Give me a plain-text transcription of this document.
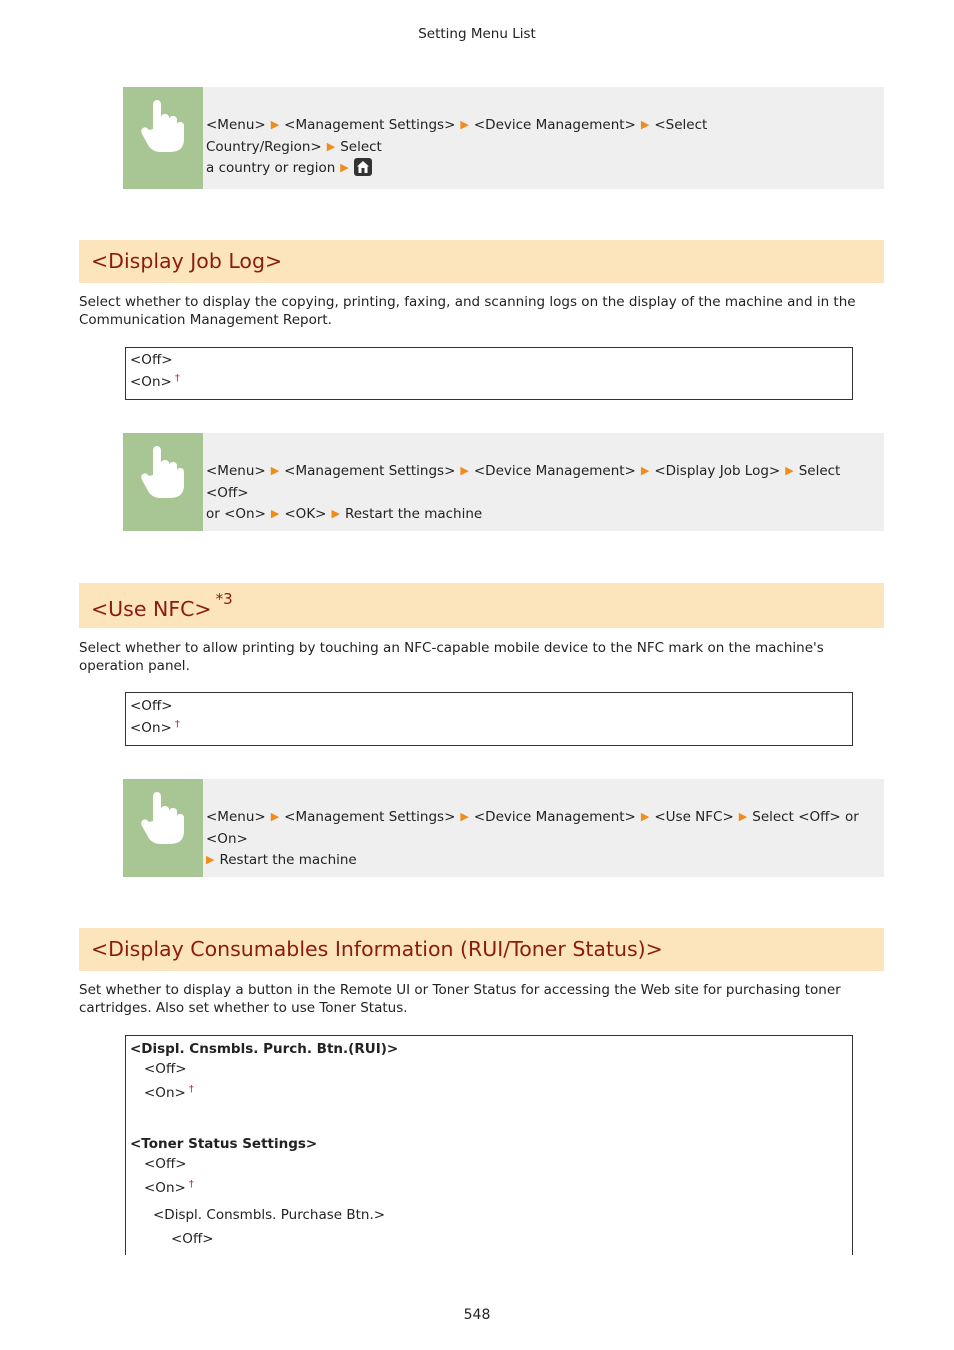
Setting Menu List
<Menu> ▶ <Management Settings> ▶ <Device Management> ▶ <Select Country/Region> ▶ Select
a country or region ▶
<Display Job Log>
Select whether to display the copying, printing, faxing, and scanning logs on the display of the machine and in the Communication Management Report.
<Off>
<On> †
<Menu> ▶ <Management Settings> ▶ <Device Management> ▶ <Display Job Log> ▶ Select <Off>
or <On> ▶ <OK> ▶ Restart the machine
<Use NFC> $^{*3}$
Select whether to allow printing by touching an NFC-capable mobile device to the NFC mark on the machine's operation panel.
<Off>
<On> †
<Menu> ▶ <Management Settings> ▶ <Device Management> ▶ <Use NFC> ▶ Select <Off> or <On>
▶ Restart the machine
<Display Consumables Information (RUI/Toner Status)>
Set whether to display a button in the Remote UI or Toner Status for accessing the Web site for purchasing toner cartridges. Also set whether to use Toner Status.
<Displ. Cnsmbls. Purch. Btn.(RUI)>
<Off>
<On> †
<Toner Status Settings>
<Off>
<On> †
<Displ. Consmbls. Purchase Btn.>
<Off>
548
